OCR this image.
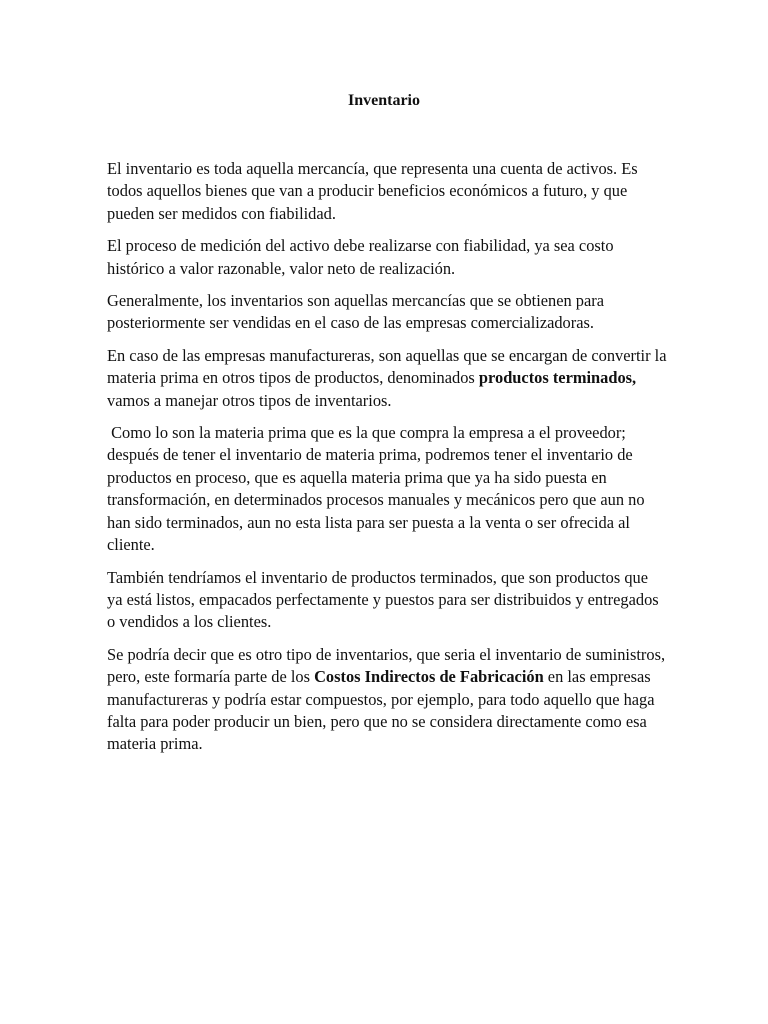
Inventario

El inventario es toda aquella mercancía, que representa una cuenta de activos. Es todos aquellos bienes que van a producir beneficios económicos a futuro, y que pueden ser medidos con fiabilidad.

El proceso de medición del activo debe realizarse con fiabilidad, ya sea costo histórico a valor razonable, valor neto de realización.

Generalmente, los inventarios son aquellas mercancías que se obtienen para posteriormente ser vendidas en el caso de las empresas comercializadoras.

En caso de las empresas manufactureras, son aquellas que se encargan de convertir la materia prima en otros tipos de productos, denominados productos terminados, vamos a manejar otros tipos de inventarios.

Como lo son la materia prima que es la que compra la empresa a el proveedor; después de tener el inventario de materia prima, podremos tener el inventario de productos en proceso, que es aquella materia prima que ya ha sido puesta en transformación, en determinados procesos manuales y mecánicos pero que aun no han sido terminados, aun no esta lista para ser puesta a la venta o ser ofrecida al cliente.

También tendríamos el inventario de productos terminados, que son productos que ya está listos, empacados perfectamente y puestos para ser distribuidos y entregados o vendidos a los clientes.

Se podría decir que es otro tipo de inventarios, que seria el inventario de suministros, pero, este formaría parte de los Costos Indirectos de Fabricación en las empresas manufactureras y podría estar compuestos, por ejemplo, para todo aquello que haga falta para poder producir un bien, pero que no se considera directamente como esa materia prima.
